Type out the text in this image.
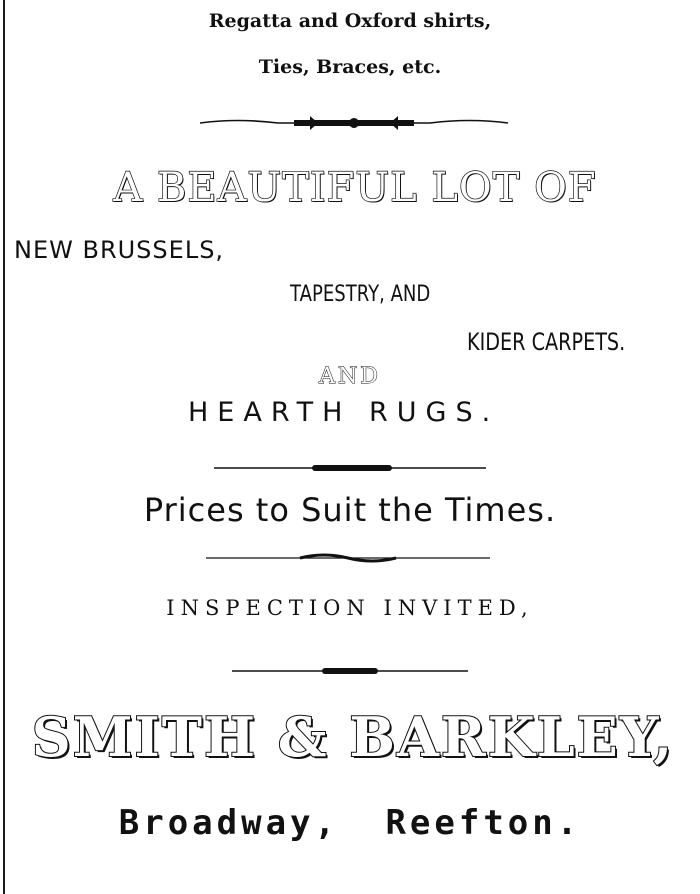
Regatta and Oxford shirts,
Ties, Braces, etc.
A BEAUTIFUL LOT OF
NEW BRUSSELS,
TAPESTRY, AND
KIDER CARPETS.
AND
HEARTH RUGS.
Prices to Suit the Times.
INSPECTION INVITED,
SMITH & BARKLEY,
Broadway, Reefton.
